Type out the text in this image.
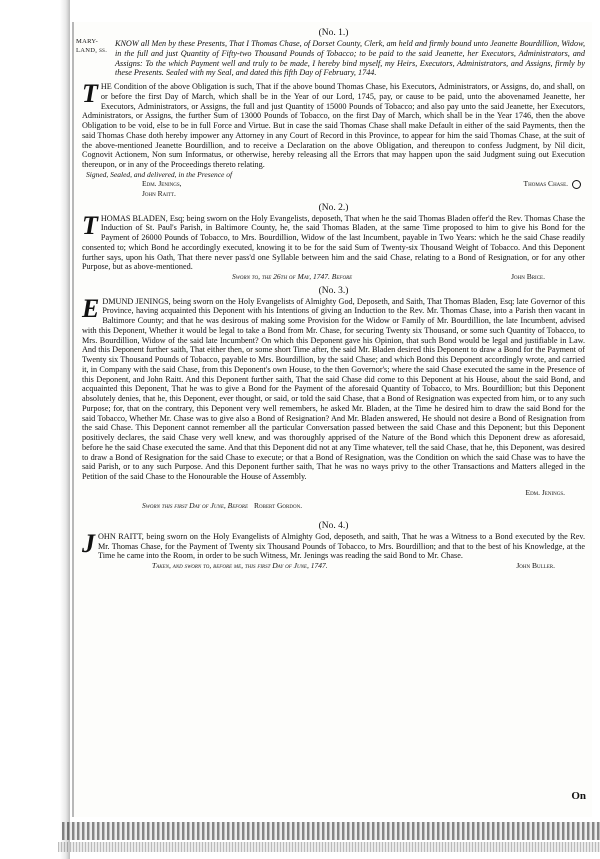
(No. 1.)

MARY-LAND, ss.

KNOW all Men by these Presents, That I Thomas Chase, of Dorset County, Clerk, am held and firmly bound unto Jeanette Bourdillion, Widow, in the full and just Quantity of Fifty-two Thousand Pounds of Tobacco; to be paid to the said Jeanette, her Executors, Administrators, and Assigns: To the which Payment well and truly to be made, I hereby bind myself, my Heirs, Executors, Administrators, and Assigns, firmly by these Presents. Sealed with my Seal, and dated this fifth Day of February, 1744.

THE Condition of the above Obligation is such, That if the above bound Thomas Chase, his Executors, Administrators, or Assigns, do, and shall, on or before the first Day of March, which shall be in the Year of our Lord, 1745, pay, or cause to be paid, unto the abovenamed Jeanette, her Executors, Administrators, or Assigns, the full and just Quantity of 15000 Pounds of Tobacco; and also pay unto the said Jeanette, her Executors, Administrators, or Assigns, the further Sum of 13000 Pounds of Tobacco, on the first Day of March, which shall be in the Year 1746, then the above Obligation to be void, else to be in full Force and Virtue. But in case the said Thomas Chase shall make Default in either of the said Payments, then the said Thomas Chase doth hereby impower any Attorney in any Court of Record in this Province, to appear for him the said Thomas Chase, at the suit of the above-mentioned Jeanette Bourdillion, and to receive a Declaration on the above Obligation, and thereupon to confess Judgment, by Nil dicit, Cognovit Actionem, Non sum Informatus, or otherwise, hereby releasing all the Errors that may happen upon the said Judgment suing out Execution thereupon, or in any of the Proceedings thereto relating.

Signed, Sealed, and delivered, in the Presence of

Edm. Jenings,	Thomas Chase.

John Raitt.

(No. 2.)

THOMAS BLADEN, Esq; being sworn on the Holy Evangelists, deposeth, That when he the said Thomas Bladen offer'd the Rev. Thomas Chase the Induction of St. Paul's Parish, in Baltimore County, he, the said Thomas Bladen, at the same Time proposed to him to give his Bond for the Payment of 26000 Pounds of Tobacco, to Mrs. Bourdillion, Widow of the last Incumbent, payable in Two Years: which he the said Chase readily consented to; which Bond he accordingly executed, knowing it to be for the said Sum of Twenty-six Thousand Weight of Tobacco. And this Deponent further says, upon his Oath, That there never pass'd one Syllable between him and the said Chase, relating to a Bond of Resignation, or for any other Purpose, but as above-mentioned.

Sworn to, the 26th of May, 1747. Before	John Brice.

(No. 3.)

EDMUND JENINGS, being sworn on the Holy Evangelists of Almighty God, Deposeth, and Saith, That Thomas Bladen, Esq; late Governor of this Province, having acquainted this Deponent with his Intentions of giving an Induction to the Rev. Mr. Thomas Chase, into a Parish then vacant in Baltimore County; and that he was desirous of making some Provision for the Widow or Family of Mr. Bourdillion, the late Incumbent, advised with this Deponent, Whether it would be legal to take a Bond from Mr. Chase, for securing Twenty six Thousand, or some such Quantity of Tobacco, to Mrs. Bourdillion, Widow of the said late Incumbent? On which this Deponent gave his Opinion, that such Bond would be legal and justifiable in Law. And this Deponent further saith, That either then, or some short Time after, the said Mr. Bladen desired this Deponent to draw a Bond for the Payment of Twenty six Thousand Pounds of Tobacco, payable to Mrs. Bourdillion, by the said Chase; and which Bond this Deponent accordingly wrote, and carried it, in Company with the said Chase, from this Deponent's own House, to the then Governor's; where the said Chase executed the same in the Presence of this Deponent, and John Raitt. And this Deponent further saith, That the said Chase did come to this Deponent at his House, about the said Bond, and acquainted this Deponent, That he was to give a Bond for the Payment of the aforesaid Quantity of Tobacco, to Mrs. Bourdillion; but this Deponent absolutely denies, that he, this Deponent, ever thought, or said, or told the said Chase, that a Bond of Resignation was expected from him, or to any such Purpose; for, that on the contrary, this Deponent very well remembers, he asked Mr. Bladen, at the Time he desired him to draw the said Bond for the said Tobacco, Whether Mr. Chase was to give also a Bond of Resignation? And Mr. Bladen answered, He should not desire a Bond of Resignation from the said Chase. This Deponent cannot remember all the particular Conversation passed between the said Chase and this Deponent; but this Deponent positively declares, the said Chase very well knew, and was thoroughly apprised of the Nature of the Bond which this Deponent drew as aforesaid, before he the said Chase executed the same. And that this Deponent did not at any Time whatever, tell the said Chase, that he, this Deponent, was desired to draw a Bond of Resignation for the said Chase to execute; or that a Bond of Resignation, was the Condition on which the said Chase was to have the said Parish, or to any such Purpose. And this Deponent further saith, That he was no ways privy to the other Transactions and Matters alleged in the Petition of the said Chase to the Honourable the House of Assembly.

Edm. Jenings.
Sworn this first Day of June, Before Robert Gordon.

(No. 4.)

JOHN RAITT, being sworn on the Holy Evangelists of Almighty God, deposeth, and saith, That he was a Witness to a Bond executed by the Rev. Mr. Thomas Chase, for the Payment of Twenty six Thousand Pounds of Tobacco, to Mrs. Bourdillion; and that to the best of his Knowledge, at the Time he came into the Room, in order to be such Witness, Mr. Jenings was reading the said Bond to Mr. Chase.

Taken, and sworn to, before me, this first Day of June, 1747.	John Buller.
On
